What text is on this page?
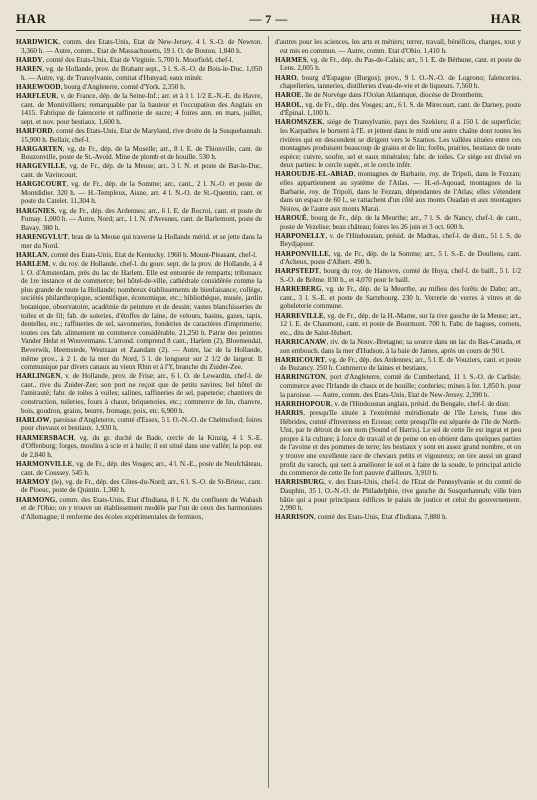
HAR	— 7 —	HAR

HARDWICK, comm. des Etats-Unis, Etat de New-Jersey, 4 l. S.-O. de Newton. 3,360 h. — Autre, comm., Etat de Massachusetts, 19 l. O. de Boston. 1,840 h.

HARDY, comté des Etats-Unis, Etat de Virginie. 5,700 h. Moorfield, chef-l.

HAREN, vg. de Hollande, prov. du Brabant sept., 3 l. S.-S.-O. de Bois-le-Duc. 1,050 h. — Autre, vg. de Transylvanie, comitat d'Hunyad; eaux minér.

HAREWOOD, bourg d'Angleterre, comté d'York. 2,350 h.

HARFLEUR, v. de France, dép. de la Seine-Inf.; arr. et à 1 l. 1/2 E.-N.-E. du Havre, cant. de Montivilliers; remarquable par la hauteur et l'occupation des Anglais en 1415. Fabrique de faïencerie et raffinerie de sucre; 4 foires ann. en mars, juillet, sept. et nov. pour bestiaux. 1,600 h.

HARFORD, comté des Etats-Unis, Etat de Maryland, rive droite de la Susquehannah. 15,900 h. Bellair, chef-l.

HARGARTEN, vg. de Fr., dép. de la Moselle; arr., 8 l. E. de Thionville, cant. de Bouzonville, poste de St.-Avold. Mine de plomb et de houille. 530 h.

HARGEVILLE, vg. de Fr., dép. de la Meuse; arr., 3 l. N. et poste de Bar-le-Duc, cant. de Vavincourt.

HARGICOURT, vg. de Fr., dép. de la Somme; arr., cant., 2 l. N.-O. et poste de Montdidier. 320 h. — H.-Templeux, Aisne, arr. 4 l. N.-O. de St.-Quentin, cant. et poste du Catelet. 11,304 h.

HARGNIES, vg. de Fr., dép. des Ardennes; arr., 6 l. E. de Rocroi, cant. et poste de Fumay. 1,000 h. — Autre, Nord; arr., 1 l. N. d'Avesnes, cant. de Barlemont, poste de Bavay. 380 h.

HARENGVLUT, bras de la Meuse qui traverse la Hollande mérid. et se jette dans la mer du Nord.

HARLAN, comté des Etats-Unis, Etat de Kentucky. 1960 h. Mount-Pleasant, chef-l.

HARLEM, v. du roy. de Hollande, chef-l. du gouv. sept. de la prov. de Hollande, à 4 l. O. d'Amsterdam, près du lac de Harlem. Elle est entourée de remparts; tribunaux de 1re instance et de commerce; bel hôtel-de-ville, cathédrale considérée comme la plus grande de toute la Hollande; nombreux établissements de bienfaisance; collége, sociétés philanthropique, scientifique, économique, etc.; bibliothèque, musée, jardin botanique, observatoire, académie de peinture et de dessin; vastes blanchisseries de toiles et de fil; fab. de soieries, d'étoffes de laine, de velours, basins, gazes, tapis, dentelles, etc.; raffineries de sel, savonneries, fonderies de caractères d'imprimerie; toutes ces fab. alimentent un commerce considérable. 21,250 h. Patrie des peintres Vander Helst et Wouvermans. L'arrond. comprend 8 cant., Harlem (2), Bloemendal, Beverwik, Heemstede, Westzaan et Zaandam (2). — Autre, lac de la Hollande, même prov., à 2 l. de la mer du Nord, 5 l. de longueur sur 2 1/2 de largeur. Il communique par divers canaux au vieux Rhin et à l'Y, branche du Zuider-Zee.

HARLINGEN, v. de Hollande, prov. de Frise; arr., 6 l. O. de Lewardin, chef-l. de cant., rive du Zuider-Zee; son port ne reçoit que de petits navires; bel hôtel de l'amirauté; fabr. de toiles à voiles; salines, raffineries de sel, papeterie; chantiers de construction, tuileries, fours à chaux, briqueteries, etc.; commerce de lin, chanvre, bois, goudron, grains, beurre, fromage, poix, etc. 6,900 h.

HARLOW, paroisse d'Angleterre, comté d'Essex, 5 l. O.-N.-O. de Chelmsford; foires pour chevaux et bestiaux. 1,930 h.

HARMERSBACH, vg. du gr. duché de Bade, cercle de la Kinzig, 4 l. S.-E. d'Offenburg; forges, moulins à scie et à huile; il est situé dans une vallée; la pop. est de 2,840 h.

HARMONVILLE, vg. de Fr., dép. des Vosges; arr., 4 l. N.-E., poste de Neufchâteau, cant. de Coussey. 545 h.

HARMOY (le), vg. de Fr., dép. des Côtes-du-Nord; arr., 6 l. S.-O. de St-Brieuc, cant. de Ploeuc, poste de Quintin. 1,360 h.

HARMONG, comm. des Etats-Unis, Etat d'Indiana, 8 l. N. du confluent du Wabash et de l'Ohio; on y trouve un établissement modèle par l'un de ceux des harmonistes d'Allemagne; il renferme des écoles expérimentales de fermiers,

d'autres pour les sciences, les arts et métiers; terrer, travail, bénéfices, charges, tout y est mis en commun. — Autre, comm. Etat d'Ohio. 1,410 h.

HARMES, vg. de Fr., dép. du Pas-de-Calais; arr., 5 l. E. de Béthune, cant. et poste de Lens. 2,005 h.

HARO, bourg d'Espagne (Burgos); prov., 9 l. O.-N.-O. de Logrono; faïenceries, chapelleries, tanneries, distilleries d'eau-de-vie et de liqueurs. 7,560 h.

HAROE, île de Norvège dans l'Océan Atlantique, diocèse de Drontheim.

HAROL, vg. de Fr., dép. des Vosges; arr., 6 l. S. de Mirecourt, cant. de Darney, poste d'Épinal. 1,100 h.

HAROMSZEK, siége de Transylvanie, pays des Szeklers; il a 150 l. de superficie; les Karpathes le bornent à l'E. et jettent dans le midi une autre chaîne dont toutes les rivières qui en descendent se dirigent vers le Szamos. Les vallées situées entre ces montagnes produisent beaucoup de grains et de lin; forêts, prairies, bestiaux de toute espèce; cuivre, soufre, sel et eaux minérales; fabr. de toiles. Ce siége est divisé en deux parties: le cercle supér., et le cercle infér.

HAROUDJE-EL-ABIAD, montagnes de Barbarie, roy. de Tripoli, dans le Fezzan; elles appartiennent au système de l'Atlas. — H.-el-Aqouad, montagnes de la Barbarie, roy. de Tripoli, dans le Fezzan, dépendantes de l'Atlas; elles s'étendent dans un espace de 60 l., se rattachent d'un côté aux monts Ouadan et aux montagnes Noires, de l'autre aux monts Marai.

HAROUÉ, bourg de Fr., dép. de la Meurthe; arr., 7 l. S. de Nancy, chef-l. de cant., poste de Vezelise; beau château; foires les 26 juin et 3 oct. 600 h.

HARPONELLY, v. de l'Hindoustan, présid. de Madras, chef-l. de distr., 51 l. S. de Beydjapour.

HARPONVILLE, vg. de Fr., dép. de la Somme; arr., 5 l. S.-E. de Doullens, cant. d'Acheux, poste d'Albert. 490 h.

HARPSTEDT, bourg du roy. de Hanovre, comté de Hoya, chef-l. de baill., 5 l. 1/2 S.-O. de Brême. 830 h., et 4,070 pour le baill.

HARREBERG, vg. de Fr., dép. de la Meurthe, au milieu des forêts de Dabo; arr., cant., 3 l. S.-E. et poste de Sarrebourg. 230 h. Verrerie de verres à vitres et de gobeleterie commune.

HARREVILLE, vg. de Fr., dép. de la H.-Marne, sur la rive gauche de la Meuse; arr., 12 l. E. de Chaumont, cant. et poste de Bourmont. 700 h. Fabr. de bagues, cornets, etc., dits de Saint-Hubert.

HARRICANAW, riv. de la Nouv.-Bretagne; sa source dans un lac du Bas-Canada, et son embouch. dans la mer d'Hudson, à la baie de James, après un cours de 90 l.

HARRICOURT, vg. de Fr., dép. des Ardennes; arr., 5 l. E. de Vouziers, cant. et poste de Buzancy. 250 h. Commerce de laines et bestiaux.

HARRINGTON, port d'Angleterre, comté de Cumberland, 11 l. S.-O. de Carlisle; commerce avec l'Irlande de chaux et de houille; corderies; mines à fer. 1,850 h. pour la paroisse. — Autre, comm. des Etats-Unis, Etat de New-Jersey. 2,390 h.

HARRIHOPOUR, v. de l'Hindoustan anglais, présid. du Bengale, chef-l. de distr.

HARRIS, presqu'île située à l'extrémité méridionale de l'île Lewis, l'une des Hébrides, comté d'Inverness en Ecosse; cette presqu'île est séparée de l'île de North-Uist, par le détroit de son nom (Sound of Harris). Le sol de cette île est ingrat et peu propre à la culture; à force de travail et de peine on en obtient dans quelques parties de l'avoine et des pommes de terre; les bestiaux y sont en assez grand nombre, et on y trouve une excellente race de chevaux petits et vigoureux; on tire aussi un grand profit du varech, qui sert à améliorer le sol et à faire de la soude, le principal article du commerce de cette île fort pauvre d'ailleurs. 3,910 h.

HARRISBURG, v. des Etats-Unis, chef-l. de l'Etat de Pennsylvanie et du comté de Dauphin, 35 l. O.-N.-O. de Philadelphie, rive gauche du Susquehannah; ville bien bâtie qui a pour principaux édifices le palais de justice et celui du gouvernement. 2,990 h.

HARRISON, comté des Etats-Unis, Etat d'Indiana. 7,880 h.
